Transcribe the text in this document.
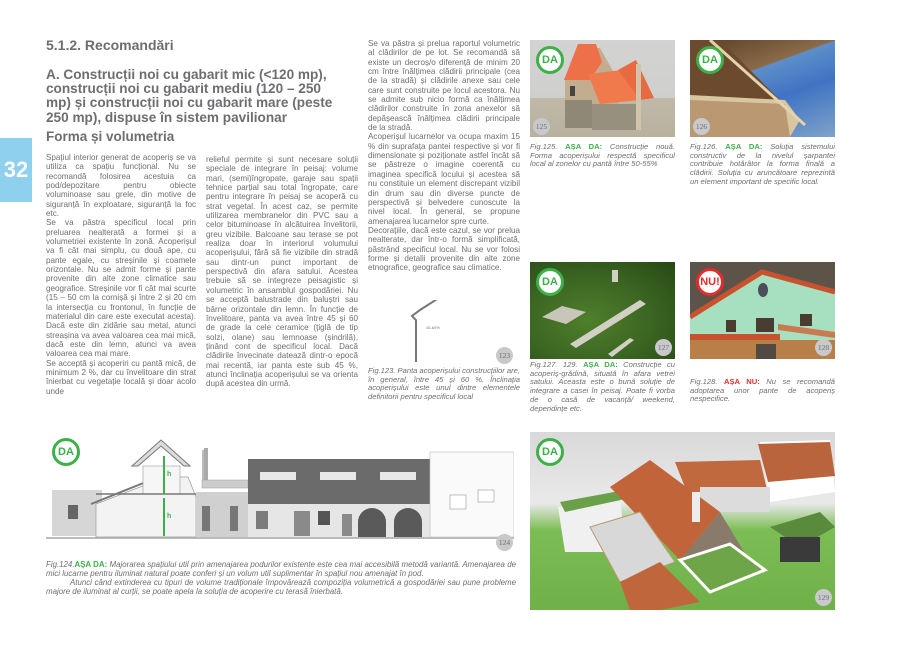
32
5.1.2. Recomandări
A. Construcții noi cu gabarit mic (<120 mp), construcții noi cu gabarit mediu (120 – 250 mp) și construcții noi cu gabarit mare (peste 250 mp), dispuse în sistem pavilionar
Forma și volumetria

Spațiul interior generat de acoperiș se va utiliza ca spațiu funcțional. Nu se recomandă folosirea acestuia ca pod/depozitare pentru obiecte voluminoase sau grele, din motive de siguranță în exploatare, siguranță la foc etc.

Se va păstra specificul local prin preluarea nealterată a formei și a volumetriei existente în zonă. Acoperișul va fi cât mai simplu, cu două ape, cu pante egale, cu streșinile și coamele orizontale. Nu se admit forme și pante provenite din alte zone climatice sau geografice. Streșinile vor fi cât mai scurte (15 – 50 cm la cornișă și între 2 și 20 cm la intersecția cu frontonul, în funcție de materialul din care este executat acesta). Dacă este din zidărie sau metal, atunci streașina va avea valoarea cea mai mică, dacă este din lemn, atunci va avea valoarea cea mai mare.

Se acceptă și acoperiri cu pantă mică, de minimum 2 %, dar cu învelitoare din strat înierbat cu vegetație locală și doar acolo unde

relieful permite și sunt necesare soluții speciale de integrare în peisaj: volume mari, (semi)îngropate, garaje sau spații tehnice parțial sau total îngropate, care pentru integrare în peisaj se acoperă cu strat vegetal. În acest caz, se permite utilizarea membranelor din PVC sau a celor bituminoase în alcătuirea învelitorii, greu vizibile. Balcoane sau terase se pot realiza doar în interiorul volumului acoperișului, fără să fie vizibile din stradă sau dintr-un punct important de perspectivă din afara satului. Acestea trebuie să se integreze peisagistic și volumetric în ansamblul gospodăriei. Nu se acceptă balustrade din baluștri sau bârne orizontale din lemn. În funcție de învelitoare, panta va avea între 45 și 60 de grade la cele ceramice (țiglă de tip solzi, olane) sau lemnoase (șindrilă), ținând cont de specificul local. Dacă clădirile învecinate datează dintr-o epocă mai recentă, iar panta este sub 45 %, atunci înclinația acoperișului se va orienta după acestea din urmă.

Se va păstra și prelua raportul volumetric al clădirilor de pe lot. Se recomandă să existe un decroș/o diferență de minim 20 cm între înălțimea clădirii principale (cea de la stradă) și clădirile anexe sau cele care sunt construite pe locul acestora. Nu se admite sub nicio formă ca înălțimea clădirilor construite în zona anexelor să depășească înălțimea clădirii principale de la stradă.

Acoperișul lucarnelor va ocupa maxim 15 % din suprafața pantei respective și vor fi dimensionate și poziționate astfel încât să se păstreze o imagine coerentă cu imaginea specifică locului și acestea să nu constituie un element discrepant vizibil din drum sau din diverse puncte de perspectivă și belvedere cunoscute la nivel local. În general, se propune amenajarea lucarnelor spre curte.

Decorațiile, dacă este cazul, se vor prelua nealterate, dar într-o formă simplificată, păstrând specificul local. Nu se vor folosi forme și detalii provenite din alte zone etnografice, geografice sau climatice.

45-60%
123
Fig.123. Panta acoperișului construcțiilor are, în general, între 45 și 60 %. Înclinația acoperișului este unul dintre elementele definitorii pentru specificul local
DA
125
Fig.125. AȘA DA: Construcție nouă. Forma acoperișului respectă specificul local al zonelor cu pantă între 50-55%
DA
126
Fig.126. AȘA DA: Soluția sistemului constructiv de la nivelul șarpantei contribuie hotărâtor la forma finală a clădirii. Soluția cu aruncătoare reprezintă un element important de specific local.
DA
127
Fig.127. 129. AȘA DA: Construcție cu acoperiș-grădină, situată în afara vetrei satului. Aceasta este o bună soluție de integrare a casei în peisaj. Poate fi vorba de o casă de vacanță/ weekend, dependințe etc.
NU!
128
Fig.128. AȘA NU: Nu se recomandă adoptarea unor pante de acoperiș nespecifice.
h
h
DA
124

Fig.124.AȘA DA: Majorarea spațiului util prin amenajarea podurilor existente este cea mai accesibilă metodă variantă. Amenajarea de mici lucarne pentru iluminat natural poate conferi și un volum util suplimentar în spațiul nou amenajat în pod.

Atunci când extinderea cu tipuri de volume tradiționale împovărează compoziția volumetrică a gospodăriei sau pune probleme majore de iluminat al curții, se poate apela la soluția de acoperire cu terasă înierbată.

DA
129
